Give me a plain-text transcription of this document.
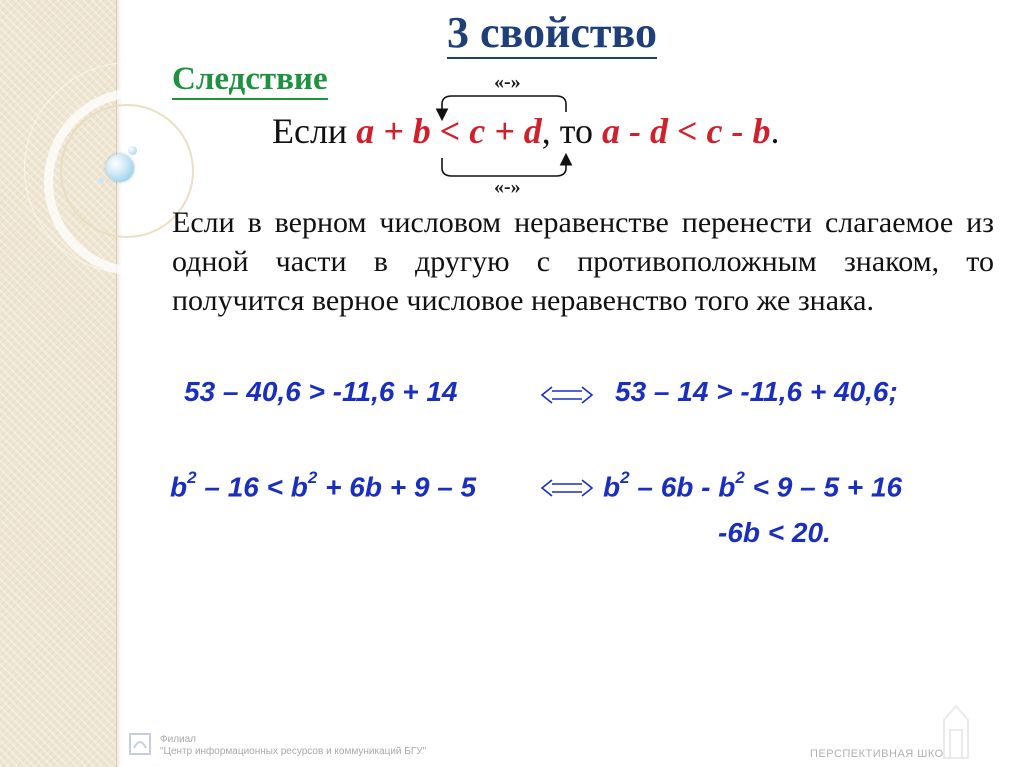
3 свойство
Следствие	«-»
«-»
Если a + b < c + d, то a - d < c - b.
Если в верном числовом неравенстве перенести слагаемое из одной части в другую с противоположным знаком, то получится верное числовое неравенство того же знака.
53 – 40,6 > -11,6 + 14	53 – 14 > -11,6 + 40,6;
$b^2 - 16 < b^2 + 6b + 9 - 5$	$b^2 - 6b - b^2 < 9 - 5 + 16$
-6b < 20.
Филиал
"Центр информационных ресурсов и коммуникаций БГУ"	ПЕРСПЕКТИВНАЯ ШКО
